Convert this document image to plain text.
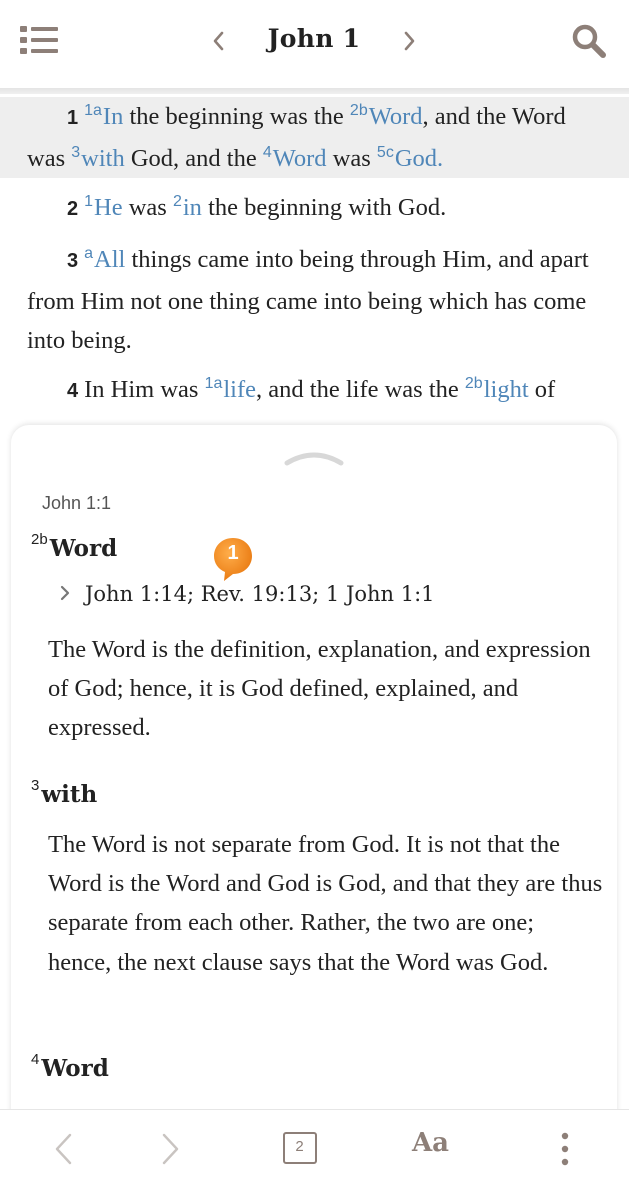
John 1
1 $^{1a}$In the beginning was the $^{2b}$Word, and the Word was $^3$with God, and the $^4$Word was $^{5c}$God.
2 $^1$He was $^2$in the beginning with God.
3 $^a$All things came into being through Him, and apart from Him not one thing came into being which has come into being.
4 In Him was $^{1a}$life, and the life was the $^{2b}$light of
John 1:1
$^{2b}$Word	1
John 1:14; Rev. 19:13; 1 John 1:1
The Word is the definition, explanation, and expression of God; hence, it is God defined, explained, and expressed.
$^3$with
The Word is not separate from God. It is not that the Word is the Word and God is God, and that they are thus separate from each other. Rather, the two are one; hence, the next clause says that the Word was God.
$^4$Word
2	Aa
